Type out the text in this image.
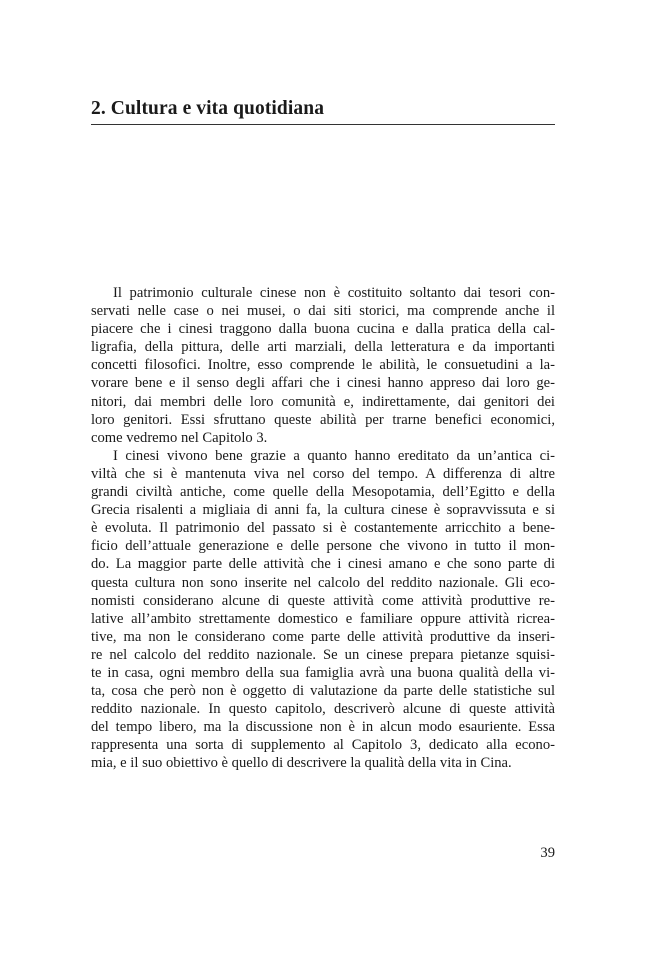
2. Cultura e vita quotidiana
Il patrimonio culturale cinese non è costituito soltanto dai tesori con-
servati nelle case o nei musei, o dai siti storici, ma comprende anche il
piacere che i cinesi traggono dalla buona cucina e dalla pratica della cal-
ligrafia, della pittura, delle arti marziali, della letteratura e da importanti
concetti filosofici. Inoltre, esso comprende le abilità, le consuetudini a la-
vorare bene e il senso degli affari che i cinesi hanno appreso dai loro ge-
nitori, dai membri delle loro comunità e, indirettamente, dai genitori dei
loro genitori. Essi sfruttano queste abilità per trarne benefici economici,
come vedremo nel Capitolo 3.
I cinesi vivono bene grazie a quanto hanno ereditato da un’antica ci-
viltà che si è mantenuta viva nel corso del tempo. A differenza di altre
grandi civiltà antiche, come quelle della Mesopotamia, dell’Egitto e della
Grecia risalenti a migliaia di anni fa, la cultura cinese è sopravvissuta e si
è evoluta. Il patrimonio del passato si è costantemente arricchito a bene-
ficio dell’attuale generazione e delle persone che vivono in tutto il mon-
do. La maggior parte delle attività che i cinesi amano e che sono parte di
questa cultura non sono inserite nel calcolo del reddito nazionale. Gli eco-
nomisti considerano alcune di queste attività come attività produttive re-
lative all’ambito strettamente domestico e familiare oppure attività ricrea-
tive, ma non le considerano come parte delle attività produttive da inseri-
re nel calcolo del reddito nazionale. Se un cinese prepara pietanze squisi-
te in casa, ogni membro della sua famiglia avrà una buona qualità della vi-
ta, cosa che però non è oggetto di valutazione da parte delle statistiche sul
reddito nazionale. In questo capitolo, descriverò alcune di queste attività
del tempo libero, ma la discussione non è in alcun modo esauriente. Essa
rappresenta una sorta di supplemento al Capitolo 3, dedicato alla econo-
mia, e il suo obiettivo è quello di descrivere la qualità della vita in Cina.
39
